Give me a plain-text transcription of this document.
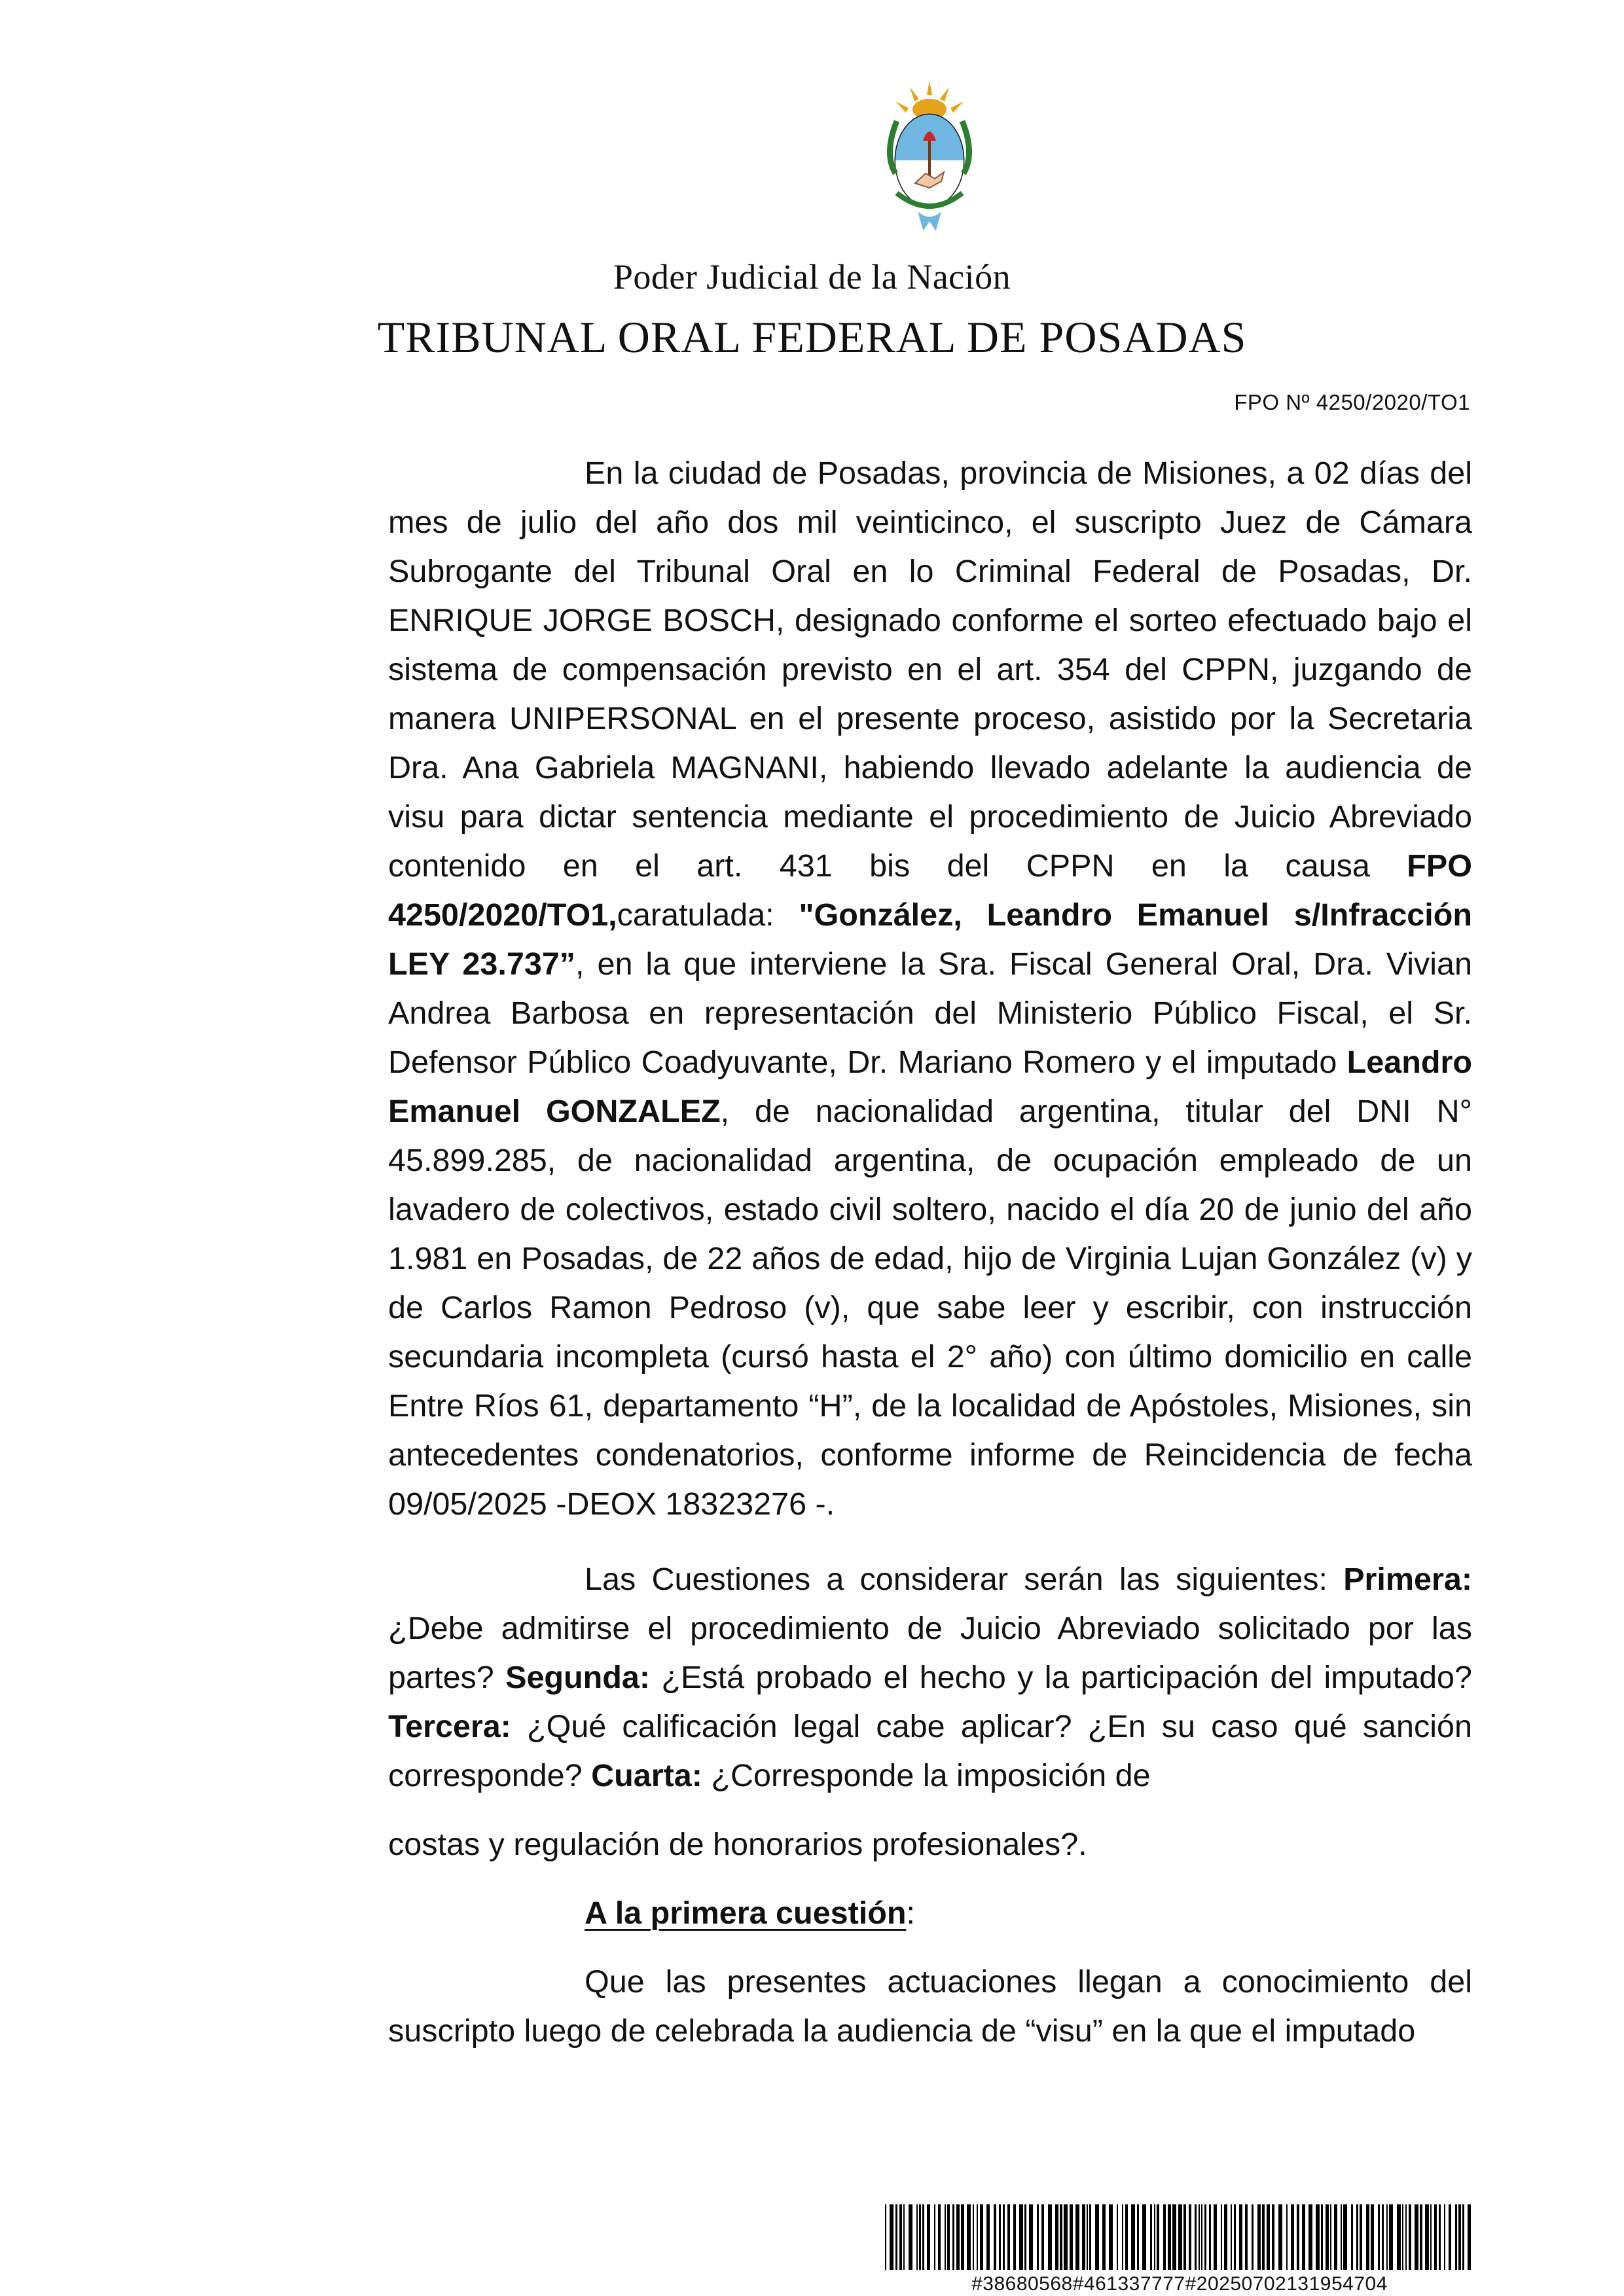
Poder Judicial de la Nación
TRIBUNAL ORAL FEDERAL DE POSADAS
FPO Nº 4250/2020/TO1

En la ciudad de Posadas, provincia de Misiones, a 02 días del mes de julio del año dos mil veinticinco, el suscripto Juez de Cámara Subrogante del Tribunal Oral en lo Criminal Federal de Posadas, Dr. ENRIQUE JORGE BOSCH, designado conforme el sorteo efectuado bajo el sistema de compensación previsto en el art. 354 del CPPN, juzgando de manera UNIPERSONAL en el presente proceso, asistido por la Secretaria Dra. Ana Gabriela MAGNANI, habiendo llevado adelante la audiencia de visu para dictar sentencia mediante el procedimiento de Juicio Abreviado contenido en el art. 431 bis del CPPN en la causa FPO 4250/2020/TO1,caratulada: "González, Leandro Emanuel s/Infracción LEY 23.737”, en la que interviene la Sra. Fiscal General Oral, Dra. Vivian Andrea Barbosa en representación del Ministerio Público Fiscal, el Sr. Defensor Público Coadyuvante, Dr. Mariano Romero y el imputado Leandro Emanuel GONZALEZ, de nacionalidad argentina, titular del DNI N° 45.899.285, de nacionalidad argentina, de ocupación empleado de un lavadero de colectivos, estado civil soltero, nacido el día 20 de junio del año 1.981 en Posadas, de 22 años de edad, hijo de Virginia Lujan González (v) y de Carlos Ramon Pedroso (v), que sabe leer y escribir, con instrucción secundaria incompleta (cursó hasta el 2° año) con último domicilio en calle Entre Ríos 61, departamento “H”, de la localidad de Apóstoles, Misiones, sin antecedentes condenatorios, conforme informe de Reincidencia de fecha 09/05/2025 -DEOX 18323276 -.

Las Cuestiones a considerar serán las siguientes: Primera: ¿Debe admitirse el procedimiento de Juicio Abreviado solicitado por las partes? Segunda: ¿Está probado el hecho y la participación del imputado? Tercera: ¿Qué calificación legal cabe aplicar? ¿En su caso qué sanción corresponde? Cuarta: ¿Corresponde la imposición de

costas y regulación de honorarios profesionales?.

A la primera cuestión:

Que las presentes actuaciones llegan a conocimiento del suscripto luego de celebrada la audiencia de “visu” en la que el imputado

#38680568#461337777#20250702131954704
